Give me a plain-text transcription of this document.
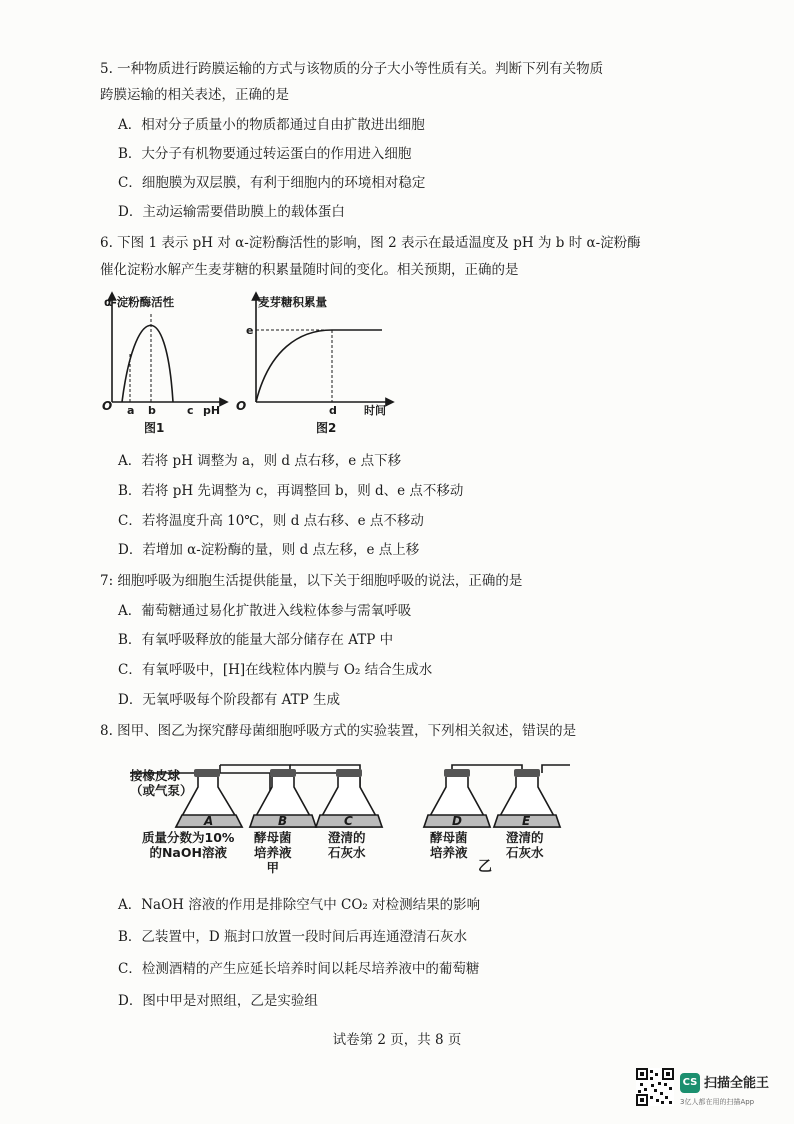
5. 一种物质进行跨膜运输的方式与该物质的分子大小等性质有关。判断下列有关物质
跨膜运输的相关表述，正确的是
A．相对分子质量小的物质都通过自由扩散进出细胞
B．大分子有机物要通过转运蛋白的作用进入细胞
C．细胞膜为双层膜，有利于细胞内的环境相对稳定
D．主动运输需要借助膜上的载体蛋白
6. 下图 1 表示 pH 对 α-淀粉酶活性的影响，图 2 表示在最适温度及 pH 为 b 时 α-淀粉酶
催化淀粉水解产生麦芽糖的积累量随时间的变化。相关预期，正确的是
α-淀粉酶活性
O a b	c pH
图1
麦芽糖积累量
e
O	d 时间
图2
A．若将 pH 调整为 a，则 d 点右移，e 点下移
B．若将 pH 先调整为 c，再调整回 b，则 d、e 点不移动
C．若将温度升高 10℃，则 d 点右移、e 点不移动
D．若增加 α-淀粉酶的量，则 d 点左移，e 点上移
7: 细胞呼吸为细胞生活提供能量，以下关于细胞呼吸的说法，正确的是
A．葡萄糖通过易化扩散进入线粒体参与需氧呼吸
B．有氧呼吸释放的能量大部分储存在 ATP 中
C．有氧呼吸中，[H]在线粒体内膜与 O₂ 结合生成水
D．无氧呼吸每个阶段都有 ATP 生成
8. 图甲、图乙为探究酵母菌细胞呼吸方式的实验装置，下列相关叙述，错误的是
A	B	C	D	E
接橡皮球
（或气泵）
质量分数为10%
的NaOH溶液
酵母菌
培养液
甲
澄清的
石灰水
酵母菌
培养液
乙
澄清的
石灰水
A．NaOH 溶液的作用是排除空气中 CO₂ 对检测结果的影响
B．乙装置中，D 瓶封口放置一段时间后再连通澄清石灰水
C．检测酒精的产生应延长培养时间以耗尽培养液中的葡萄糖
D．图中甲是对照组，乙是实验组
试卷第 2 页，共 8 页
CS 扫描全能王
3亿人都在用的扫描App
